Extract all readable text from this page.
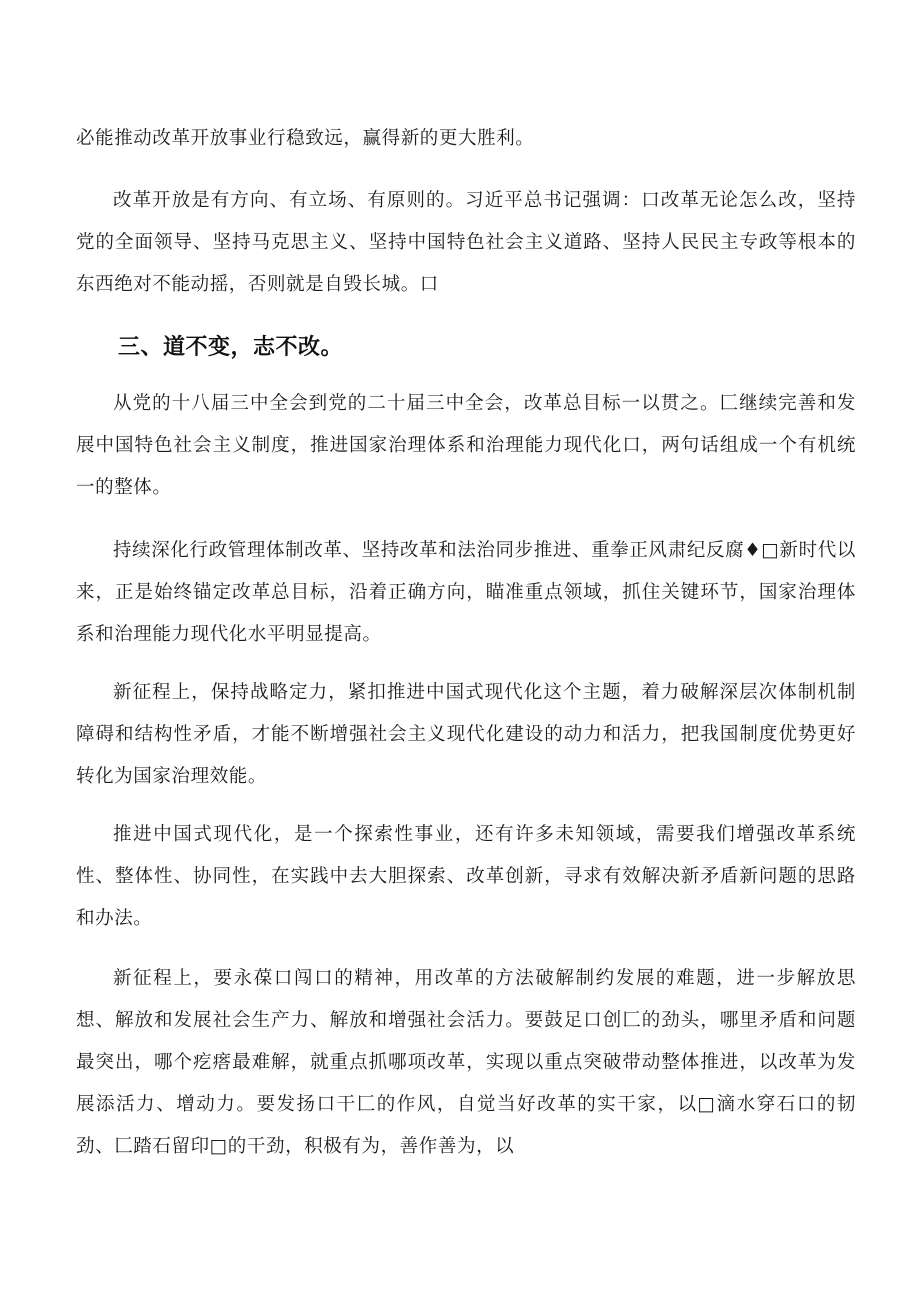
必能推动改革开放事业行稳致远，赢得新的更大胜利。

改革开放是有方向、有立场、有原则的。习近平总书记强调：口改革无论怎么改，坚持党的全面领导、坚持马克思主义、坚持中国特色社会主义道路、坚持人民民主专政等根本的东西绝对不能动摇，否则就是自毁长城。口

三、道不变，志不改。

从党的十八届三中全会到党的二十届三中全会，改革总目标一以贯之。匚继续完善和发展中国特色社会主义制度，推进国家治理体系和治理能力现代化口，两句话组成一个有机统一的整体。

持续深化行政管理体制改革、坚持改革和法治同步推进、重拳正风肃纪反腐♦□新时代以来，正是始终锚定改革总目标，沿着正确方向，瞄准重点领域，抓住关键环节，国家治理体系和治理能力现代化水平明显提高。

新征程上，保持战略定力，紧扣推进中国式现代化这个主题，着力破解深层次体制机制障碍和结构性矛盾，才能不断增强社会主义现代化建设的动力和活力，把我国制度优势更好转化为国家治理效能。

推进中国式现代化，是一个探索性事业，还有许多未知领域，需要我们增强改革系统性、整体性、协同性，在实践中去大胆探索、改革创新，寻求有效解决新矛盾新问题的思路和办法。

新征程上，要永葆口闯口的精神，用改革的方法破解制约发展的难题，进一步解放思想、解放和发展社会生产力、解放和增强社会活力。要鼓足口创匚的劲头，哪里矛盾和问题最突出，哪个疙瘩最难解，就重点抓哪项改革，实现以重点突破带动整体推进，以改革为发展添活力、增动力。要发扬口干匚的作风，自觉当好改革的实干家，以□滴水穿石口的韧劲、匚踏石留印□的干劲，积极有为，善作善为，以
